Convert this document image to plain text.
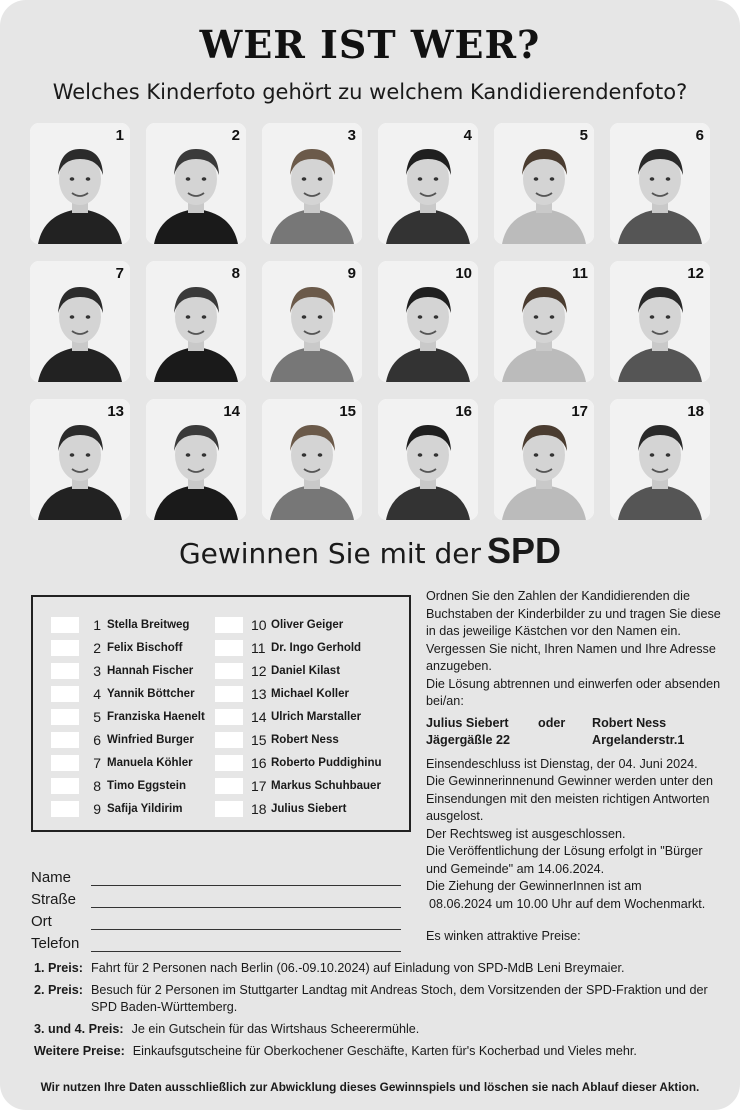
WER IST WER?
Welches Kinderfoto gehört zu welchem Kandidierendenfoto?
1	2	3	4	5	6
7	8	9	10	11	12
13	14	15	16	17	18
Gewinnen Sie mit der SPD
1 Stella Breitweg
2 Felix Bischoff
3 Hannah Fischer
4 Yannik Böttcher
5 Franziska Haenelt
6 Winfried Burger
7 Manuela Köhler
8 Timo Eggstein
9 Safija Yildirim
10 Oliver Geiger
11 Dr. Ingo Gerhold
12 Daniel Kilast
13 Michael Koller
14 Ulrich Marstaller
15 Robert Ness
16 Roberto Puddighinu
17 Markus Schuhbauer
18 Julius Siebert
Ordnen Sie den Zahlen der Kandidierenden die Buchstaben der Kinderbilder zu und tragen Sie diese in das jeweilige Kästchen vor den Namen ein. Vergessen Sie nicht, Ihren Namen und Ihre Adresse anzugeben.
Die Lösung abtrennen und einwerfen oder absenden bei/an:
Julius Siebert	oder	Robert Ness
Jägergäßle 22	Argelanderstr.1
Einsendeschluss ist Dienstag, der 04. Juni 2024.
Die Gewinnerinnenund Gewinner werden unter den Einsendungen mit den meisten richtigen Antworten ausgelost.
Der Rechtsweg ist ausgeschlossen.
Die Veröffentlichung der Lösung erfolgt in "Bürger und Gemeinde" am 14.06.2024.
Die Ziehung der GewinnerInnen ist am
08.06.2024 um 10.00 Uhr auf dem Wochenmarkt.
Es winken attraktive Preise:
Name
Straße
Ort
Telefon
1. Preis: Fahrt für 2 Personen nach Berlin (06.-09.10.2024) auf Einladung von SPD-MdB Leni Breymaier.
2. Preis: Besuch für 2 Personen im Stuttgarter Landtag mit Andreas Stoch, dem Vorsitzenden der SPD-Fraktion und der SPD Baden-Württemberg.
3. und 4. Preis: Je ein Gutschein für das Wirtshaus Scheerermühle.
Weitere Preise: Einkaufsgutscheine für Oberkochener Geschäfte, Karten für's Kocherbad und Vieles mehr.
Wir nutzen Ihre Daten ausschließlich zur Abwicklung dieses Gewinnspiels und löschen sie nach Ablauf dieser Aktion.
